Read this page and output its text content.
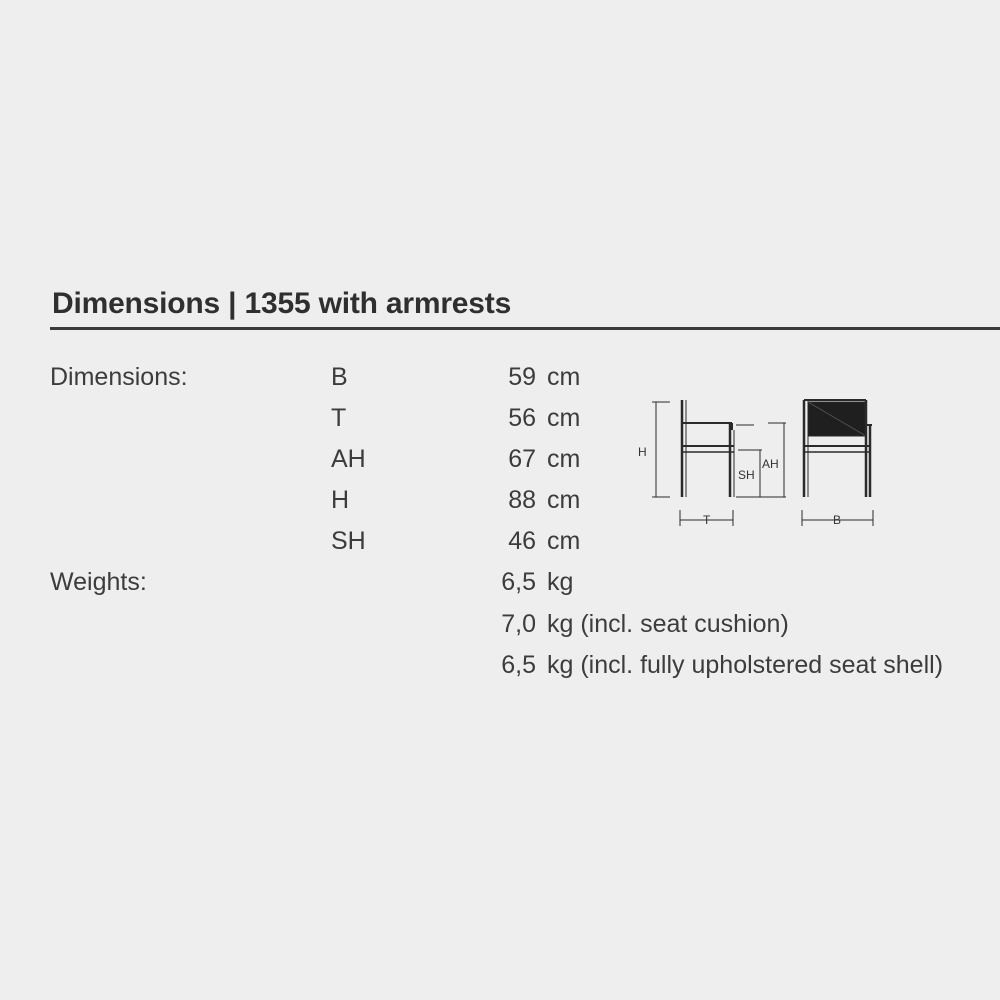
Dimensions | 1355 with armrests
Dimensions:	B	59 cm
T	56 cm
AH	67 cm
H	88 cm
SH	46 cm
Weights:	6,5 kg
7,0 kg (incl. seat cushion)
6,5 kg (incl. fully upholstered seat shell)
H
SH
AH
T	B
